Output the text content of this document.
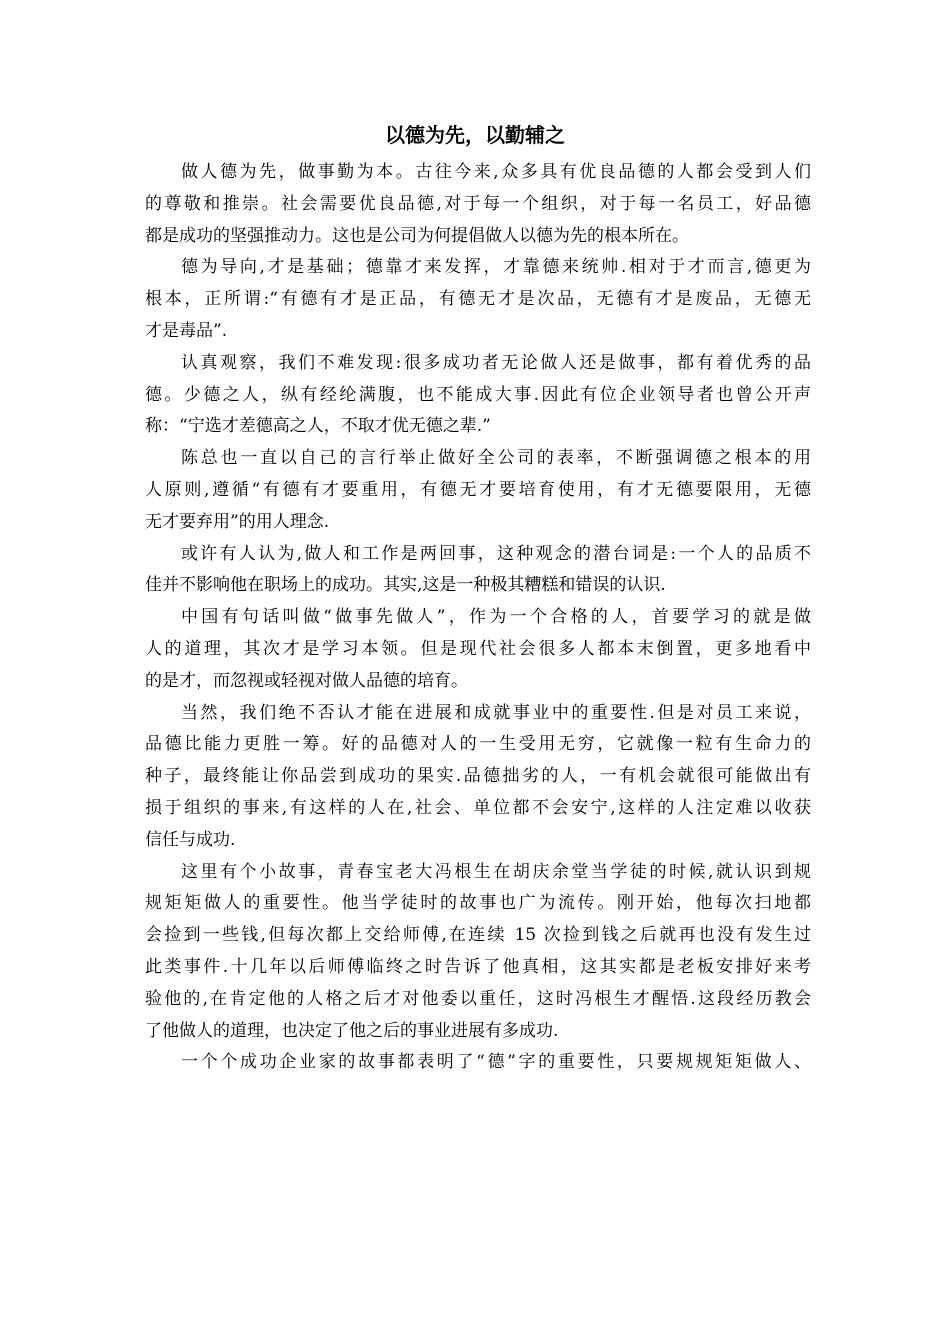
以德为先，以勤辅之
做人德为先，做事勤为本。古往今来,众多具有优良品德的人都会受到人们
的尊敬和推崇。社会需要优良品德,对于每一个组织，对于每一名员工，好品德
都是成功的坚强推动力。这也是公司为何提倡做人以德为先的根本所在。
德为导向,才是基础；德靠才来发挥，才靠德来统帅.相对于才而言,德更为
根本，正所谓:“有德有才是正品，有德无才是次品，无德有才是废品，无德无
才是毒品”.
认真观察，我们不难发现:很多成功者无论做人还是做事，都有着优秀的品
德。少德之人，纵有经纶满腹，也不能成大事.因此有位企业领导者也曾公开声
称：“宁选才差德高之人，不取才优无德之辈.”
陈总也一直以自己的言行举止做好全公司的表率，不断强调德之根本的用
人原则,遵循“有德有才要重用，有德无才要培育使用，有才无德要限用，无德
无才要弃用”的用人理念.
或许有人认为,做人和工作是两回事，这种观念的潜台词是:一个人的品质不
佳并不影响他在职场上的成功。其实,这是一种极其糟糕和错误的认识.
中国有句话叫做“做事先做人”，作为一个合格的人，首要学习的就是做
人的道理，其次才是学习本领。但是现代社会很多人都本末倒置，更多地看中
的是才，而忽视或轻视对做人品德的培育。
当然，我们绝不否认才能在进展和成就事业中的重要性.但是对员工来说，
品德比能力更胜一筹。好的品德对人的一生受用无穷，它就像一粒有生命力的
种子，最终能让你品尝到成功的果实.品德拙劣的人，一有机会就很可能做出有
损于组织的事来,有这样的人在,社会、单位都不会安宁,这样的人注定难以收获
信任与成功.
这里有个小故事，青春宝老大冯根生在胡庆余堂当学徒的时候,就认识到规
规矩矩做人的重要性。他当学徒时的故事也广为流传。刚开始，他每次扫地都
会捡到一些钱,但每次都上交给师傅,在连续 15 次捡到钱之后就再也没有发生过
此类事件.十几年以后师傅临终之时告诉了他真相，这其实都是老板安排好来考
验他的,在肯定他的人格之后才对他委以重任，这时冯根生才醒悟.这段经历教会
了他做人的道理，也决定了他之后的事业进展有多成功.
一个个成功企业家的故事都表明了“德”字的重要性，只要规规矩矩做人、
